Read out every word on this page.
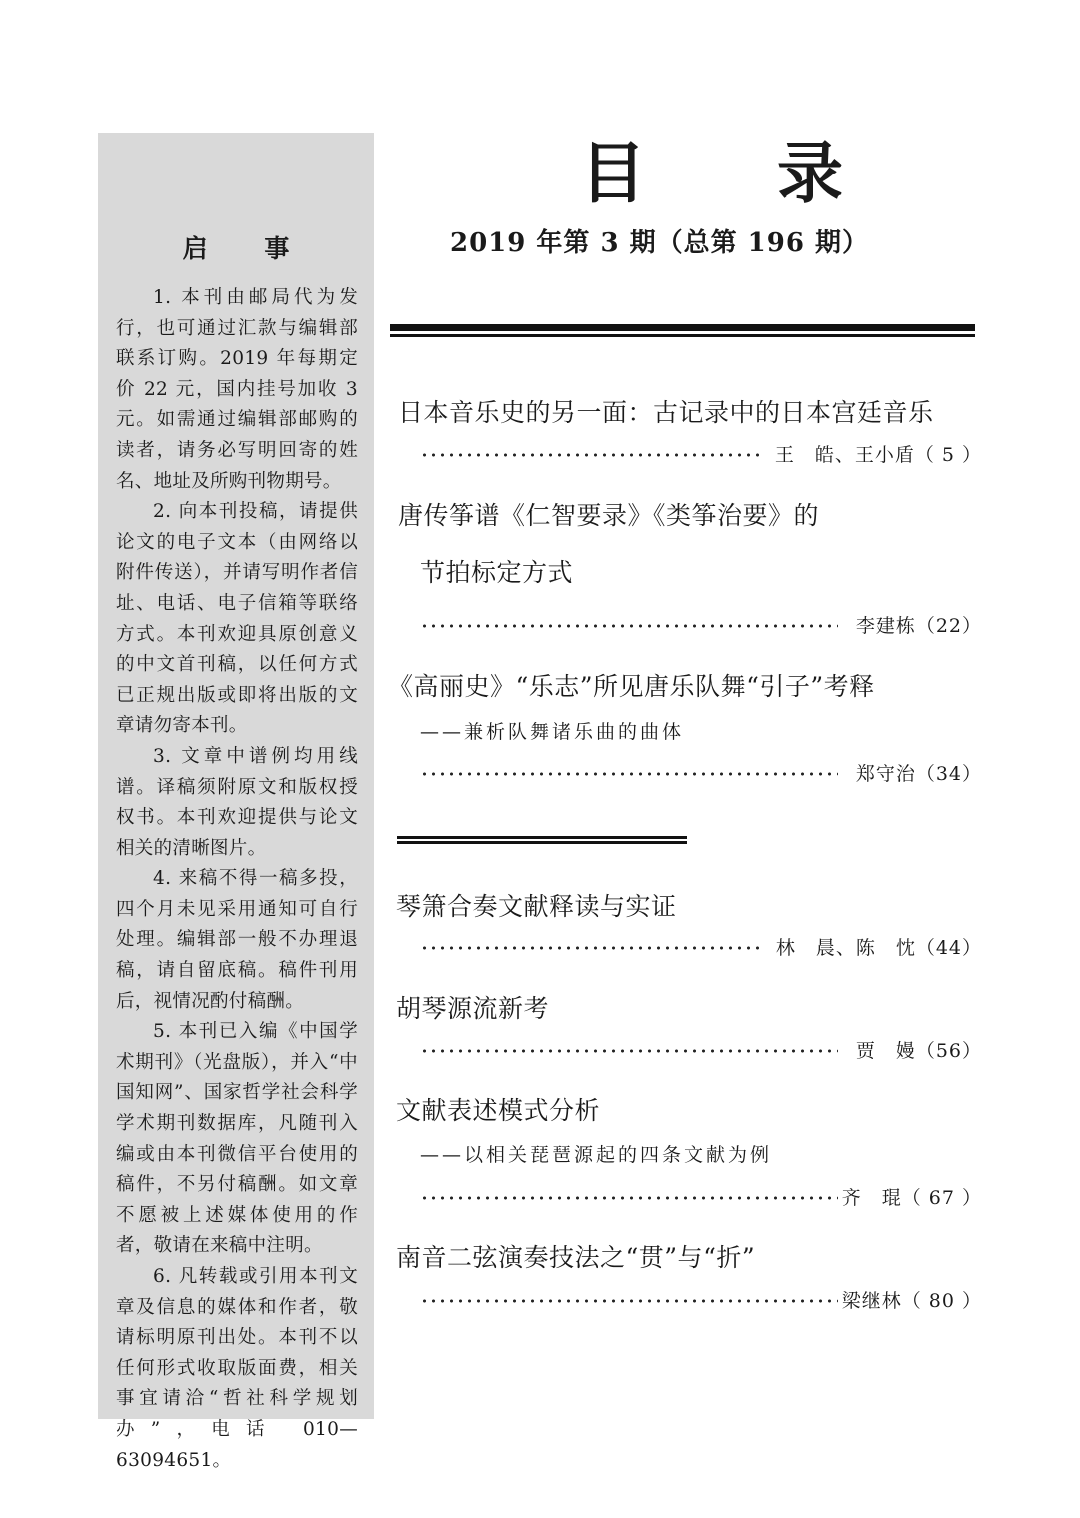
启 事

1. 本刊由邮局代为发行，也可通过汇款与编辑部联系订购。2019 年每期定价 22 元，国内挂号加收 3 元。如需通过编辑部邮购的读者，请务必写明回寄的姓名、地址及所购刊物期号。

2. 向本刊投稿，请提供论文的电子文本（由网络以附件传送），并请写明作者信址、电话、电子信箱等联络方式。本刊欢迎具原创意义的中文首刊稿，以任何方式已正规出版或即将出版的文章请勿寄本刊。

3. 文章中谱例均用线谱。译稿须附原文和版权授权书。本刊欢迎提供与论文相关的清晰图片。

4. 来稿不得一稿多投，四个月未见采用通知可自行处理。编辑部一般不办理退稿，请自留底稿。稿件刊用后，视情况酌付稿酬。

5. 本刊已入编《中国学术期刊》（光盘版），并入“中国知网”、国家哲学社会科学学术期刊数据库，凡随刊入编或由本刊微信平台使用的稿件，不另付稿酬。如文章不愿被上述媒体使用的作者，敬请在来稿中注明。

6. 凡转载或引用本刊文章及信息的媒体和作者，敬请标明原刊出处。本刊不以任何形式收取版面费，相关事宜请洽“哲社科学规划办”，电话 010—63094651。

目 录
2019 年第 3 期（总第 196 期）
日本音乐史的另一面：古记录中的日本宫廷音乐
王　皓、王小盾（ 5 ）
唐传筝谱《仁智要录》《类筝治要》的
节拍标定方式
李建栋（22）
《高丽史》“乐志”所见唐乐队舞“引子”考释
——兼析队舞诸乐曲的曲体
郑守治（34）
琴箫合奏文献释读与实证
林　晨、陈　忱（44）
胡琴源流新考
贾　嫚（56）
文献表述模式分析
——以相关琵琶源起的四条文献为例
齐　琨（ 67 ）
南音二弦演奏技法之“贯”与“折”
梁继林（ 80 ）
